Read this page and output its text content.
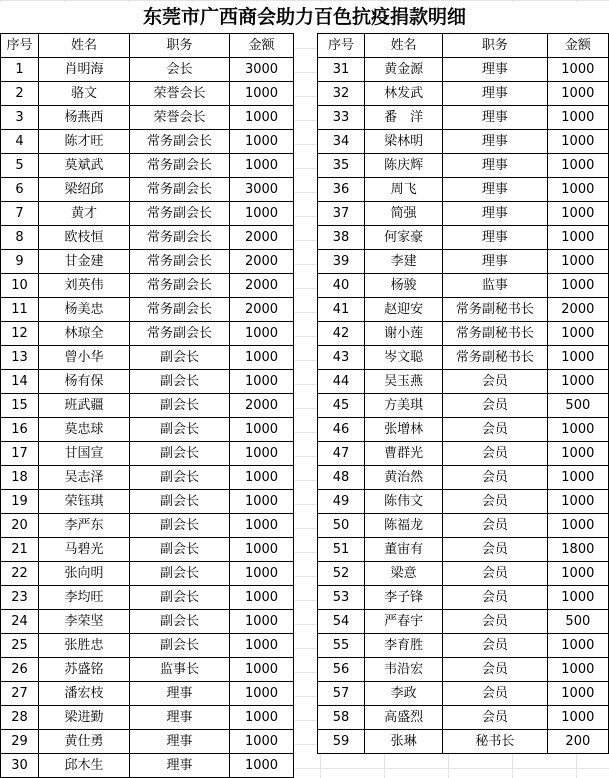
东莞市广西商会助力百色抗疫捐款明细
序号	姓名	职务	金额
1	肖明海	会长	3000
2	骆文	荣誉会长	1000
3	杨燕西	荣誉会长	1000
4	陈才旺	常务副会长	1000
5	莫斌武	常务副会长	1000
6	梁绍邱	常务副会长	3000
7	黄才	常务副会长	1000
8	欧枝恒	常务副会长	2000
9	甘金建	常务副会长	2000
10	刘英伟	常务副会长	2000
11	杨美忠	常务副会长	2000
12	林琼全	常务副会长	1000
13	曾小华	副会长	1000
14	杨有保	副会长	1000
15	班武疆	副会长	2000
16	莫忠球	副会长	1000
17	甘国宣	副会长	1000
18	吴志泽	副会长	1000
19	荣钰琪	副会长	1000
20	李严东	副会长	1000
21	马碧光	副会长	1000
22	张向明	副会长	1000
23	李均旺	副会长	1000
24	李荣坚	副会长	1000
25	张胜忠	副会长	1000
26	苏盛铭	监事长	1000
27	潘宏枝	理事	1000
28	梁进勤	理事	1000
29	黄仕勇	理事	1000
30	邱木生	理事	1000
序号	姓名	职务	金额
31	黄金源	理事	1000
32	林发武	理事	1000
33	番　洋	理事	1000
34	梁林明	理事	1000
35	陈庆辉	理事	1000
36	周飞	理事	1000
37	简强	理事	1000
38	何家豪	理事	1000
39	李建	理事	1000
40	杨骏	监事	1000
41	赵迎安	常务副秘书长	2000
42	谢小莲	常务副秘书长	1000
43	岑文聪	常务副秘书长	1000
44	吴玉燕	会员	1000
45	方美琪	会员	500
46	张增林	会员	1000
47	曹群光	会员	1000
48	黄治然	会员	1000
49	陈伟文	会员	1000
50	陈福龙	会员	1000
51	董宙有	会员	1800
52	梁意	会员	1000
53	李子锋	会员	1000
54	严春宇	会员	500
55	李育胜	会员	1000
56	韦沿宏	会员	1000
57	李政	会员	1000
58	高盛烈	会员	1000
59	张琳	秘书长	200
